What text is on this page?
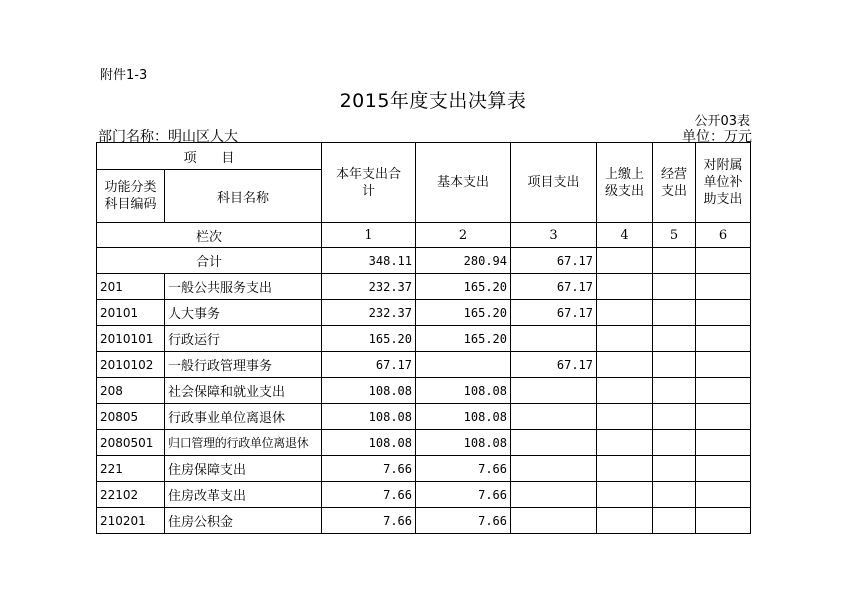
附件1-3
2015年度支出决算表
公开03表
部门名称：明山区人大	单位：万元
项      目		本年支出合计	基本支出	项目支出	上缴上级支出	经营支出	对附属单位补助支出
功能分类科目编码	科目名称						
栏次		1	2	3	4	5	6
合计		348.11	280.94	67.17			
201	一般公共服务支出	232.37	165.20	67.17			
20101	人大事务	232.37	165.20	67.17			
2010101	行政运行	165.20	165.20				
2010102	一般行政管理事务	67.17		67.17			
208	社会保障和就业支出	108.08	108.08				
20805	行政事业单位离退休	108.08	108.08				
2080501	归口管理的行政单位离退休	108.08	108.08				
221	住房保障支出	7.66	7.66				
22102	住房改革支出	7.66	7.66				
210201	住房公积金	7.66	7.66				
